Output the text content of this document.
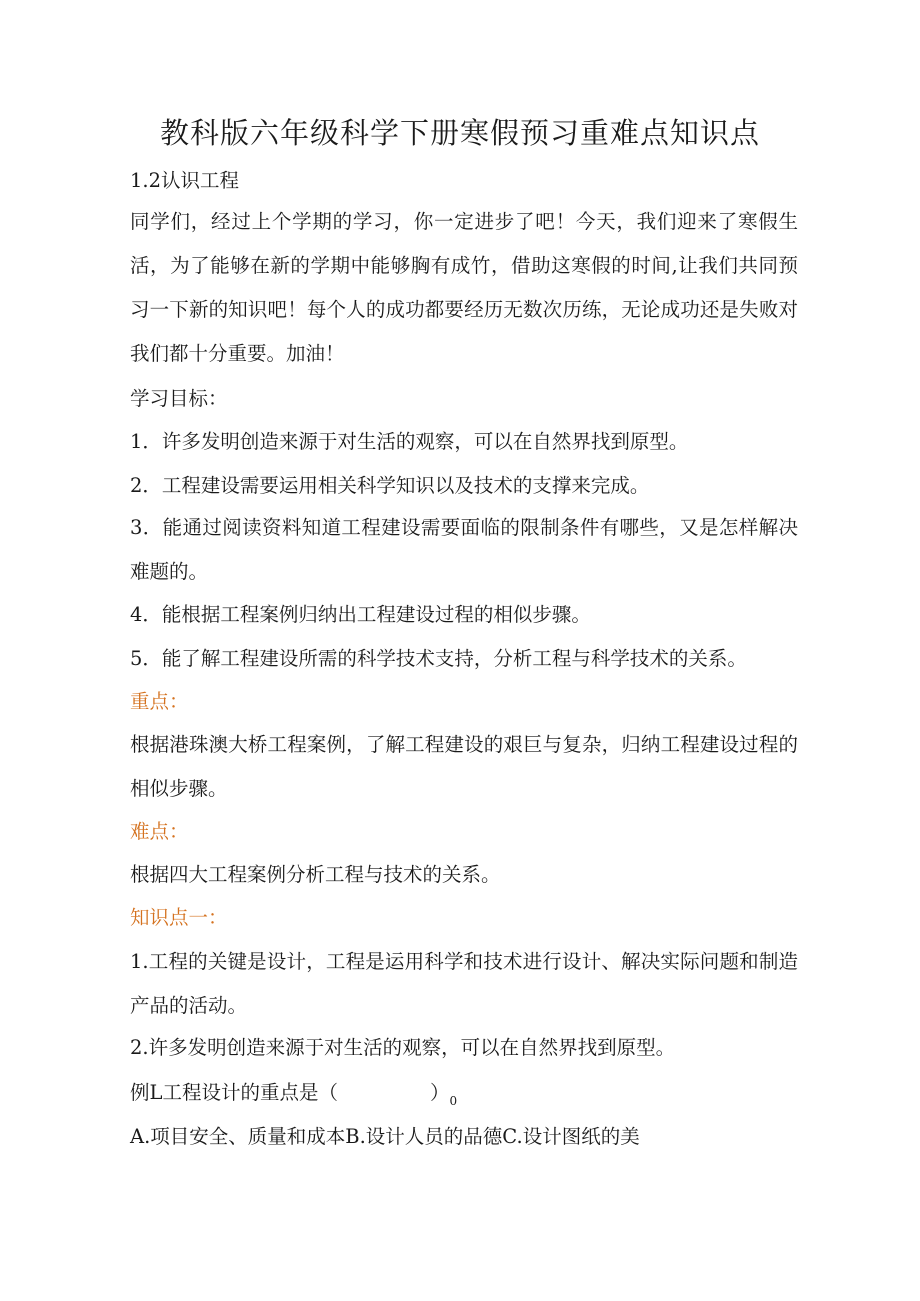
教科版六年级科学下册寒假预习重难点知识点

1.2认识工程

同学们，经过上个学期的学习，你一定进步了吧！今天，我们迎来了寒假生活，为了能够在新的学期中能够胸有成竹，借助这寒假的时间,让我们共同预习一下新的知识吧！每个人的成功都要经历无数次历练，无论成功还是失败对我们都十分重要。加油！

学习目标：

1．许多发明创造来源于对生活的观察，可以在自然界找到原型。

2．工程建设需要运用相关科学知识以及技术的支撑来完成。

3．能通过阅读资料知道工程建设需要面临的限制条件有哪些，又是怎样解决难题的。

4．能根据工程案例归纳出工程建设过程的相似步骤。

5．能了解工程建设所需的科学技术支持，分析工程与科学技术的关系。

重点：

根据港珠澳大桥工程案例，了解工程建设的艰巨与复杂，归纳工程建设过程的相似步骤。

难点：

根据四大工程案例分析工程与技术的关系。

知识点一：

1.工程的关键是设计，工程是运用科学和技术进行设计、解决实际问题和制造产品的活动。

2.许多发明创造来源于对生活的观察，可以在自然界找到原型。

例L工程设计的重点是（	）$_0$

A.项目安全、质量和成本B.设计人员的品德C.设计图纸的美
